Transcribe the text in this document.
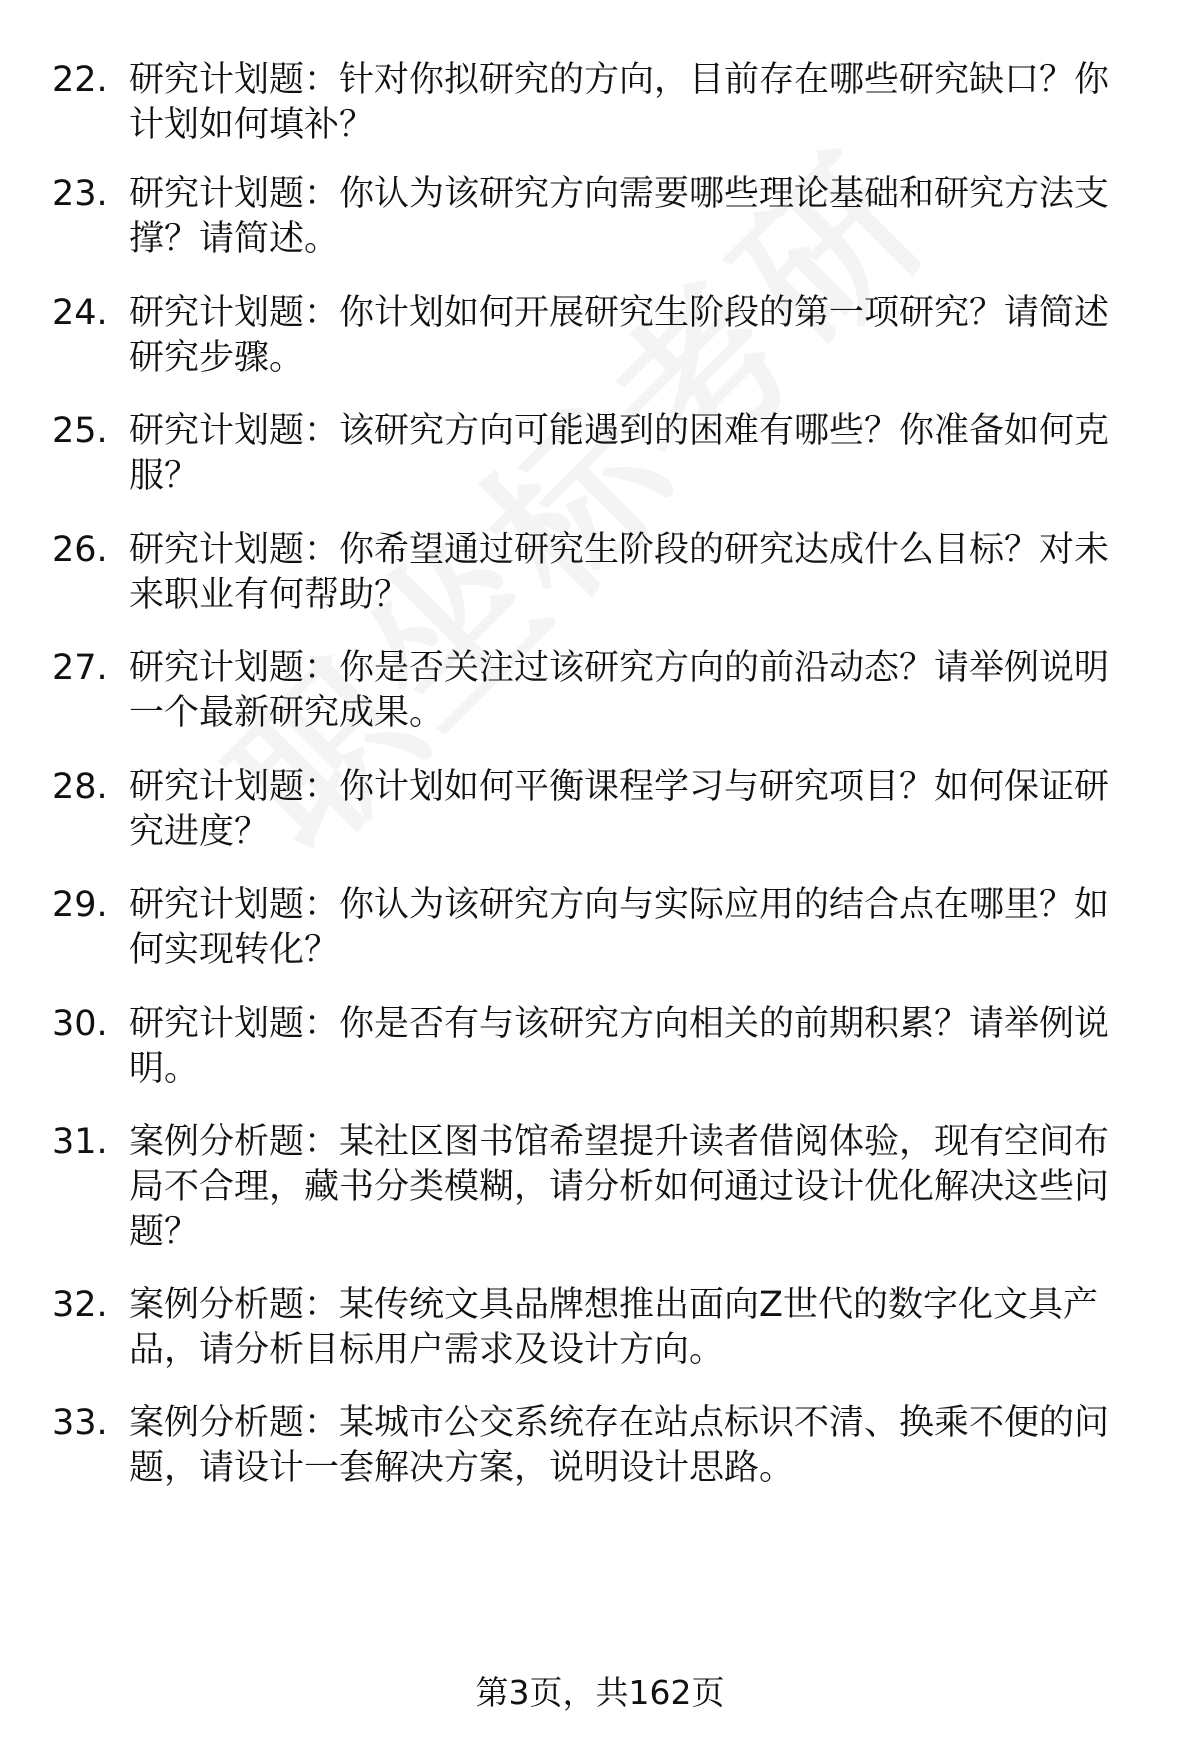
22. 研究计划题：针对你拟研究的方向，目前存在哪些研究缺口？你计划如何填补？
23. 研究计划题：你认为该研究方向需要哪些理论基础和研究方法支撑？请简述。
24. 研究计划题：你计划如何开展研究生阶段的第一项研究？请简述研究步骤。
25. 研究计划题：该研究方向可能遇到的困难有哪些？你准备如何克服？
26. 研究计划题：你希望通过研究生阶段的研究达成什么目标？对未来职业有何帮助？
27. 研究计划题：你是否关注过该研究方向的前沿动态？请举例说明一个最新研究成果。
28. 研究计划题：你计划如何平衡课程学习与研究项目？如何保证研究进度？
29. 研究计划题：你认为该研究方向与实际应用的结合点在哪里？如何实现转化？
30. 研究计划题：你是否有与该研究方向相关的前期积累？请举例说明。
31. 案例分析题：某社区图书馆希望提升读者借阅体验，现有空间布局不合理，藏书分类模糊，请分析如何通过设计优化解决这些问题？
32. 案例分析题：某传统文具品牌想推出面向Z世代的数字化文具产品，请分析目标用户需求及设计方向。
33. 案例分析题：某城市公交系统存在站点标识不清、换乘不便的问题，请设计一套解决方案，说明设计思路。
第3页，共162页
